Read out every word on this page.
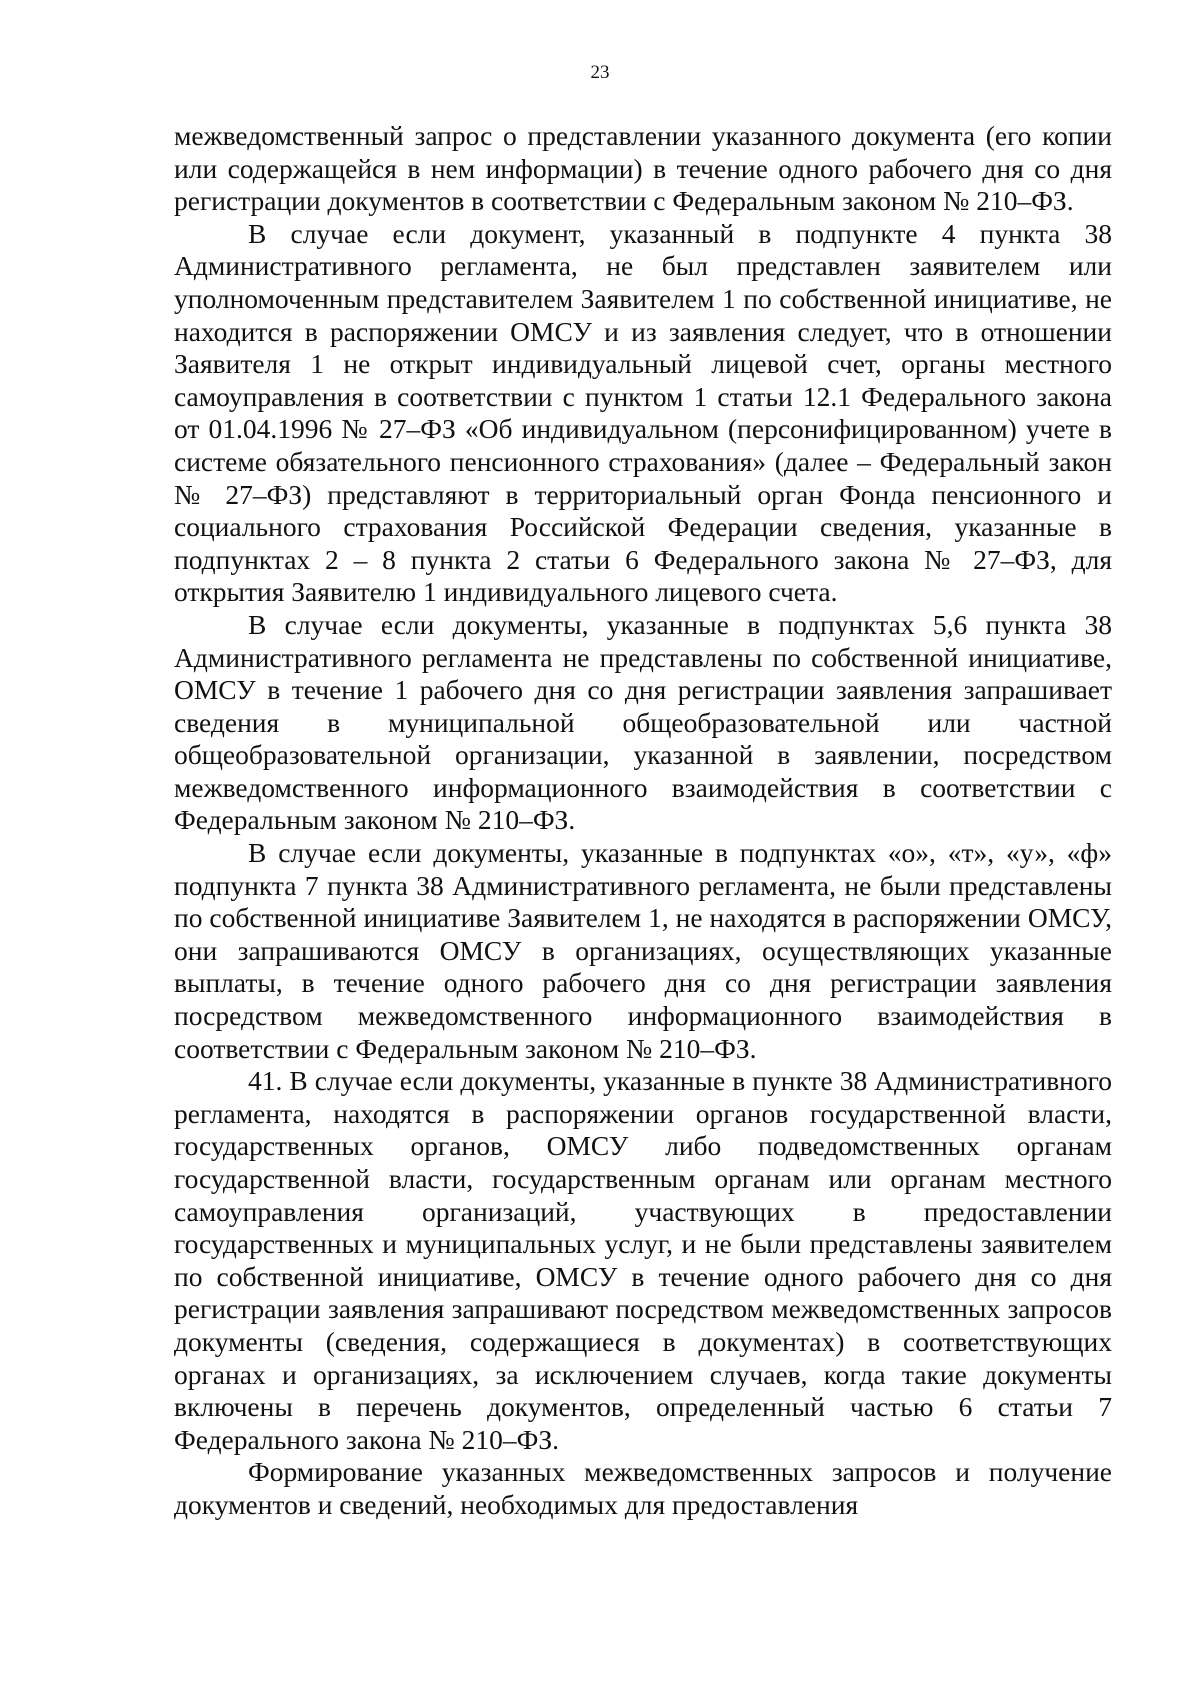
23

межведомственный запрос о представлении указанного документа (его копии или содержащейся в нем информации) в течение одного рабочего дня со дня регистрации документов в соответствии с Федеральным законом № 210–ФЗ.

В случае если документ, указанный в подпункте 4 пункта 38 Административного регламента, не был представлен заявителем или уполномоченным представителем Заявителем 1 по собственной инициативе, не находится в распоряжении ОМСУ и из заявления следует, что в отношении Заявителя 1 не открыт индивидуальный лицевой счет, органы местного самоуправления в соответствии с пунктом 1 статьи 12.1 Федерального закона от 01.04.1996 № 27–ФЗ «Об индивидуальном (персонифицированном) учете в системе обязательного пенсионного страхования» (далее – Федеральный закон № 27–ФЗ) представляют в территориальный орган Фонда пенсионного и социального страхования Российской Федерации сведения, указанные в подпунктах 2 – 8 пункта 2 статьи 6 Федерального закона № 27–ФЗ, для открытия Заявителю 1 индивидуального лицевого счета.

В случае если документы, указанные в подпунктах 5,6 пункта 38 Административного регламента не представлены по собственной инициативе, ОМСУ в течение 1 рабочего дня со дня регистрации заявления запрашивает сведения в муниципальной общеобразовательной или частной общеобразовательной организации, указанной в заявлении, посредством межведомственного информационного взаимодействия в соответствии с Федеральным законом № 210–ФЗ.

В случае если документы, указанные в подпунктах «о», «т», «у», «ф» подпункта 7 пункта 38 Административного регламента, не были представлены по собственной инициативе Заявителем 1, не находятся в распоряжении ОМСУ, они запрашиваются ОМСУ в организациях, осуществляющих указанные выплаты, в течение одного рабочего дня со дня регистрации заявления посредством межведомственного информационного взаимодействия в соответствии с Федеральным законом № 210–ФЗ.

41. В случае если документы, указанные в пункте 38 Административного регламента, находятся в распоряжении органов государственной власти, государственных органов, ОМСУ либо подведомственных органам государственной власти, государственным органам или органам местного самоуправления организаций, участвующих в предоставлении государственных и муниципальных услуг, и не были представлены заявителем по собственной инициативе, ОМСУ в течение одного рабочего дня со дня регистрации заявления запрашивают посредством межведомственных запросов документы (сведения, содержащиеся в документах) в соответствующих органах и организациях, за исключением случаев, когда такие документы включены в перечень документов, определенный частью 6 статьи 7 Федерального закона № 210–ФЗ.

Формирование указанных межведомственных запросов и получение документов и сведений, необходимых для предоставления
